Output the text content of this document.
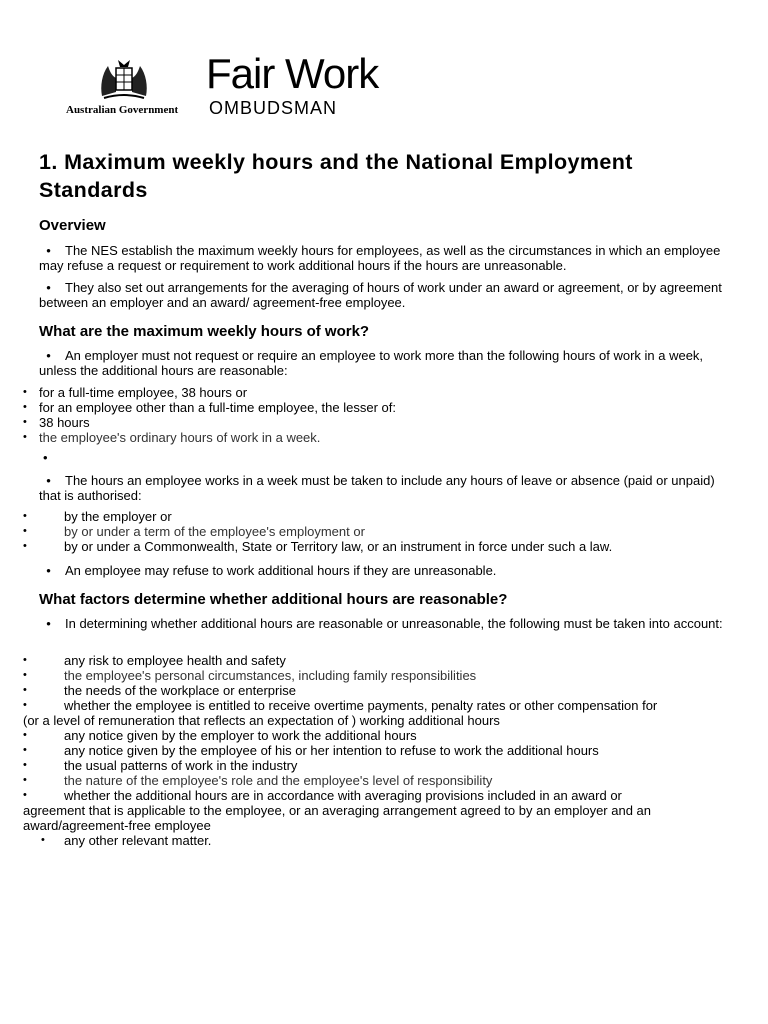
Australian Government
Fair Work
OMBUDSMAN
1. Maximum weekly hours and the National Employment Standards
Overview

• The NES establish the maximum weekly hours for employees, as well as the circumstances in which an employee may refuse a request or requirement to work additional hours if the hours are unreasonable.

• They also set out arrangements for the averaging of hours of work under an award or agreement, or by agreement between an employer and an award/ agreement-free employee.

What are the maximum weekly hours of work?

• An employer must not request or require an employee to work more than the following hours of work in a week, unless the additional hours are reasonable:

• for a full-time employee, 38 hours or
• for an employee other than a full-time employee, the lesser of:
• 38 hours
• the employee's ordinary hours of work in a week.
•

• The hours an employee works in a week must be taken to include any hours of leave or absence (paid or unpaid) that is authorised:

•	by the employer or
•	by or under a term of the employee's employment or
•	by or under a Commonwealth, State or Territory law, or an instrument in force under such a law.

• An employee may refuse to work additional hours if they are unreasonable.

What factors determine whether additional hours are reasonable?

• In determining whether additional hours are reasonable or unreasonable, the following must be taken into account:

•	any risk to employee health and safety
•	the employee's personal circumstances, including family responsibilities
•	the needs of the workplace or enterprise
•	whether the employee is entitled to receive overtime payments, penalty rates or other compensation for
(or a level of remuneration that reflects an expectation of ) working additional hours
•	any notice given by the employer to work the additional hours
•	any notice given by the employee of his or her intention to refuse to work the additional hours
•	the usual patterns of work in the industry
•	the nature of the employee's role and the employee's level of responsibility
•	whether the additional hours are in accordance with averaging provisions included in an award or
agreement that is applicable to the employee, or an averaging arrangement agreed to by an employer and an
award/agreement-free employee
• any other relevant matter.
